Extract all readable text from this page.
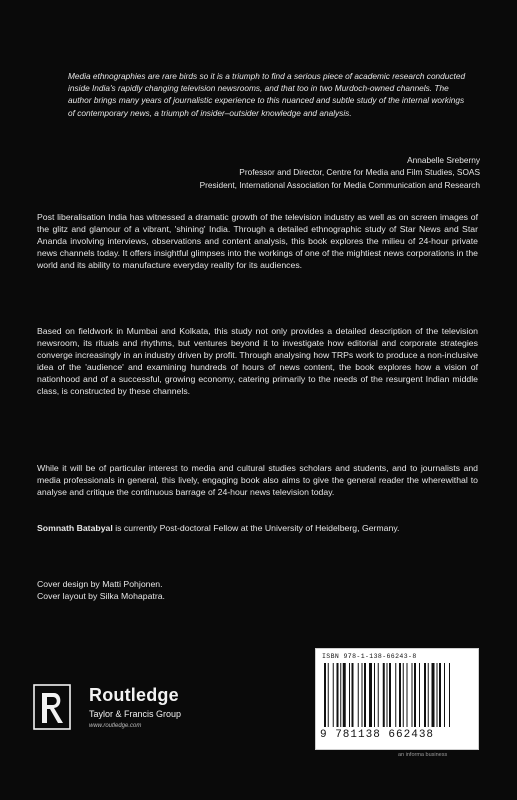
Media ethnographies are rare birds so it is a triumph to find a serious piece of academic research conducted inside India's rapidly changing television newsrooms, and that too in two Murdoch-owned channels. The author brings many years of journalistic experience to this nuanced and subtle study of the internal workings of contemporary news, a triumph of insider–outsider knowledge and analysis.
Annabelle Sreberny
Professor and Director, Centre for Media and Film Studies, SOAS
President, International Association for Media Communication and Research
Post liberalisation India has witnessed a dramatic growth of the television industry as well as on screen images of the glitz and glamour of a vibrant, 'shining' India. Through a detailed ethnographic study of Star News and Star Ananda involving interviews, observations and content analysis, this book explores the milieu of 24-hour private news channels today. It offers insightful glimpses into the workings of one of the mightiest news corporations in the world and its ability to manufacture everyday reality for its audiences.
Based on fieldwork in Mumbai and Kolkata, this study not only provides a detailed description of the television newsroom, its rituals and rhythms, but ventures beyond it to investigate how editorial and corporate strategies converge increasingly in an industry driven by profit. Through analysing how TRPs work to produce a non-inclusive idea of the 'audience' and examining hundreds of hours of news content, the book explores how a vision of nationhood and of a successful, growing economy, catering primarily to the needs of the resurgent Indian middle class, is constructed by these channels.
While it will be of particular interest to media and cultural studies scholars and students, and to journalists and media professionals in general, this lively, engaging book also aims to give the general reader the wherewithal to analyse and critique the continuous barrage of 24-hour news television today.
Somnath Batabyal is currently Post-doctoral Fellow at the University of Heidelberg, Germany.
Cover design by Matti Pohjonen.
Cover layout by Silka Mohapatra.
Routledge
Taylor & Francis Group
www.routledge.com
ISBN 978-1-138-66243-8
9 781138 662438
an informa business
